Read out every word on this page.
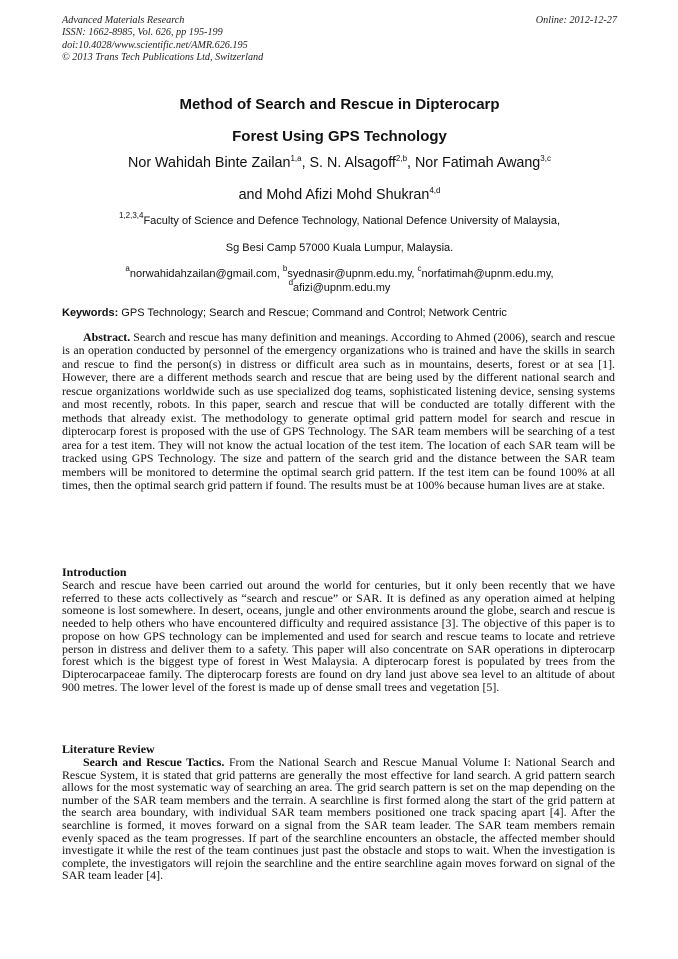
Advanced Materials Research
ISSN: 1662-8985, Vol. 626, pp 195-199
doi:10.4028/www.scientific.net/AMR.626.195
© 2013 Trans Tech Publications Ltd, Switzerland
Online: 2012-12-27
Method of Search and Rescue in Dipterocarp
Forest Using GPS Technology
Nor Wahidah Binte Zailan$^{1,a}$, S. N. Alsagoff$^{2,b}$, Nor Fatimah Awang$^{3,c}$
and Mohd Afizi Mohd Shukran$^{4,d}$
$^{1,2,3,4}$Faculty of Science and Defence Technology, National Defence University of Malaysia,
Sg Besi Camp 57000 Kuala Lumpur, Malaysia.
$^a$norwahidahzailan@gmail.com, $^b$syednasir@upnm.edu.my, $^c$norfatimah@upnm.edu.my,
$^d$afizi@upnm.edu.my
Keywords: GPS Technology; Search and Rescue; Command and Control; Network Centric
Abstract. Search and rescue has many definition and meanings. According to Ahmed (2006), search and rescue is an operation conducted by personnel of the emergency organizations who is trained and have the skills in search and rescue to find the person(s) in distress or difficult area such as in mountains, deserts, forest or at sea [1]. However, there are a different methods search and rescue that are being used by the different national search and rescue organizations worldwide such as use specialized dog teams, sophisticated listening device, sensing systems and most recently, robots. In this paper, search and rescue that will be conducted are totally different with the methods that already exist. The methodology to generate optimal grid pattern model for search and rescue in dipterocarp forest is proposed with the use of GPS Technology. The SAR team members will be searching of a test area for a test item. They will not know the actual location of the test item. The location of each SAR team will be tracked using GPS Technology. The size and pattern of the search grid and the distance between the SAR team members will be monitored to determine the optimal search grid pattern. If the test item can be found 100% at all times, then the optimal search grid pattern if found. The results must be at 100% because human lives are at stake.
Introduction
Search and rescue have been carried out around the world for centuries, but it only been recently that we have referred to these acts collectively as “search and rescue” or SAR. It is defined as any operation aimed at helping someone is lost somewhere. In desert, oceans, jungle and other environments around the globe, search and rescue is needed to help others who have encountered difficulty and required assistance [3]. The objective of this paper is to propose on how GPS technology can be implemented and used for search and rescue teams to locate and retrieve person in distress and deliver them to a safety. This paper will also concentrate on SAR operations in dipterocarp forest which is the biggest type of forest in West Malaysia. A dipterocarp forest is populated by trees from the Dipterocarpaceae family. The dipterocarp forests are found on dry land just above sea level to an altitude of about 900 metres. The lower level of the forest is made up of dense small trees and vegetation [5].
Literature Review
Search and Rescue Tactics. From the National Search and Rescue Manual Volume I: National Search and Rescue System, it is stated that grid patterns are generally the most effective for land search. A grid pattern search allows for the most systematic way of searching an area. The grid search pattern is set on the map depending on the number of the SAR team members and the terrain. A searchline is first formed along the start of the grid pattern at the search area boundary, with individual SAR team members positioned one track spacing apart [4]. After the searchline is formed, it moves forward on a signal from the SAR team leader. The SAR team members remain evenly spaced as the team progresses. If part of the searchline encounters an obstacle, the affected member should investigate it while the rest of the team continues just past the obstacle and stops to wait. When the investigation is complete, the investigators will rejoin the searchline and the entire searchline again moves forward on signal of the SAR team leader [4].
